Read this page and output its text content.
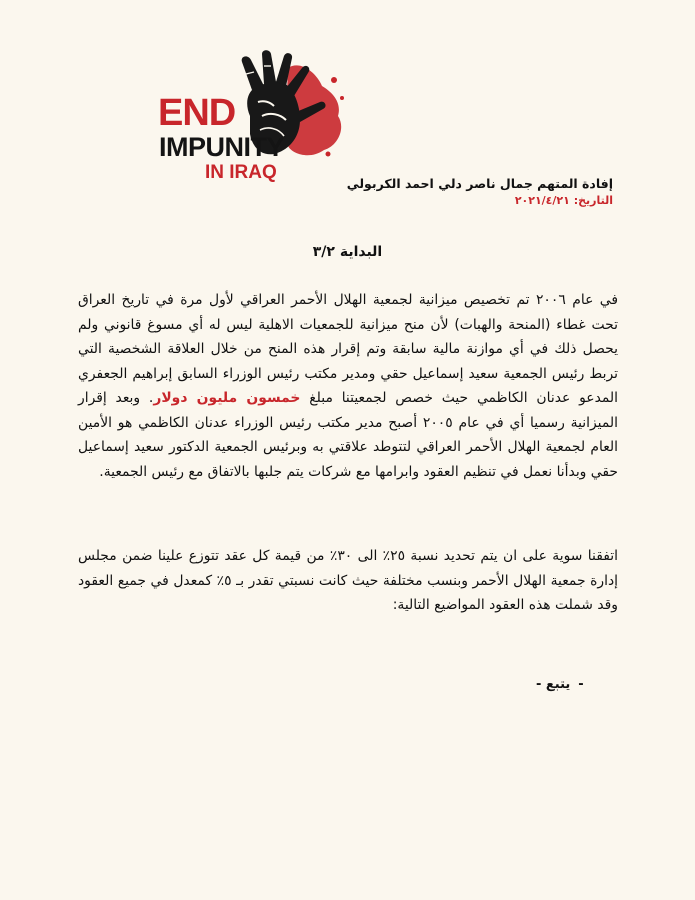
END
IMPUNITY
IN IRAQ
إفادة المتهم جمال ناصر دلي احمد الكربولي
التاريخ: ٢٠٢١/٤/٢١
البداية ٣/٢
في عام ٢٠٠٦ تم تخصيص ميزانية لجمعية الهلال الأحمر العراقي لأول مرة في تاريخ العراق تحت غطاء (المنحة والهبات) لأن منح ميزانية للجمعيات الاهلية ليس له أي مسوغ قانوني ولم يحصل ذلك في أي موازنة مالية سابقة وتم إقرار هذه المنح من خلال العلاقة الشخصية التي تربط رئيس الجمعية سعيد إسماعيل حقي ومدير مكتب رئيس الوزراء السابق إبراهيم الجعفري المدعو عدنان الكاظمي حيث خصص لجمعيتنا مبلغ خمسون مليون دولار. وبعد إقرار الميزانية رسميا أي في عام ٢٠٠٥ أصبح مدير مكتب رئيس الوزراء عدنان الكاظمي هو الأمين العام لجمعية الهلال الأحمر العراقي لتتوطد علاقتي به وبرئيس الجمعية الدكتور سعيد إسماعيل حقي وبدأنا نعمل في تنظيم العقود وابرامها مع شركات يتم جلبها بالاتفاق مع رئيس الجمعية.
اتفقنا سوية على ان يتم تحديد نسبة ٢٥٪ الى ٣٠٪ من قيمة كل عقد تتوزع علينا ضمن مجلس إدارة جمعية الهلال الأحمر وبنسب مختلفة حيث كانت نسبتي تقدر بـ ٥٪ كمعدل في جميع العقود وقد شملت هذه العقود المواضيع التالية:
-يتبع -
